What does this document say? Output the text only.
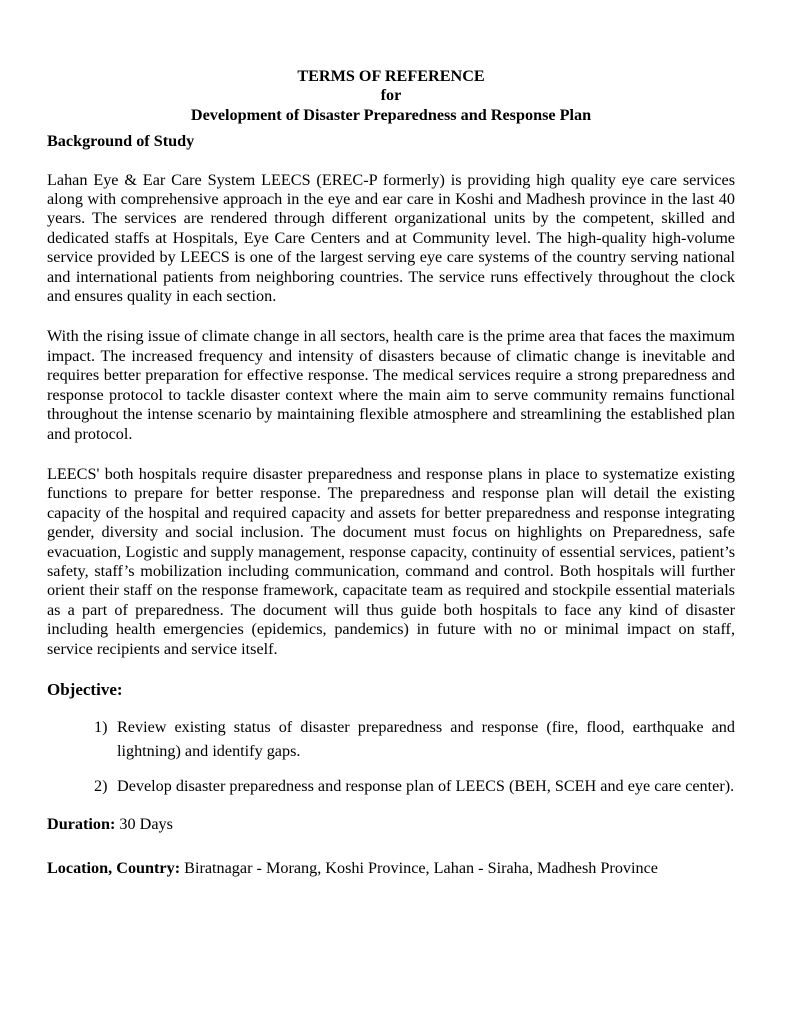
TERMS OF REFERENCE
for
Development of Disaster Preparedness and Response Plan
Background of Study

Lahan Eye & Ear Care System LEECS (EREC-P formerly) is providing high quality eye care services along with comprehensive approach in the eye and ear care in Koshi and Madhesh province in the last 40 years. The services are rendered through different organizational units by the competent, skilled and dedicated staffs at Hospitals, Eye Care Centers and at Community level. The high-quality high-volume service provided by LEECS is one of the largest serving eye care systems of the country serving national and international patients from neighboring countries. The service runs effectively throughout the clock and ensures quality in each section.

With the rising issue of climate change in all sectors, health care is the prime area that faces the maximum impact. The increased frequency and intensity of disasters because of climatic change is inevitable and requires better preparation for effective response. The medical services require a strong preparedness and response protocol to tackle disaster context where the main aim to serve community remains functional throughout the intense scenario by maintaining flexible atmosphere and streamlining the established plan and protocol.

LEECS' both hospitals require disaster preparedness and response plans in place to systematize existing functions to prepare for better response. The preparedness and response plan will detail the existing capacity of the hospital and required capacity and assets for better preparedness and response integrating gender, diversity and social inclusion. The document must focus on highlights on Preparedness, safe evacuation, Logistic and supply management, response capacity, continuity of essential services, patient’s safety, staff’s mobilization including communication, command and control. Both hospitals will further orient their staff on the response framework, capacitate team as required and stockpile essential materials as a part of preparedness. The document will thus guide both hospitals to face any kind of disaster including health emergencies (epidemics, pandemics) in future with no or minimal impact on staff, service recipients and service itself.

Objective:
1) Review existing status of disaster preparedness and response (fire, flood, earthquake and lightning) and identify gaps.
2) Develop disaster preparedness and response plan of LEECS (BEH, SCEH and eye care center).
Duration: 30 Days
Location, Country: Biratnagar - Morang, Koshi Province, Lahan - Siraha, Madhesh Province
